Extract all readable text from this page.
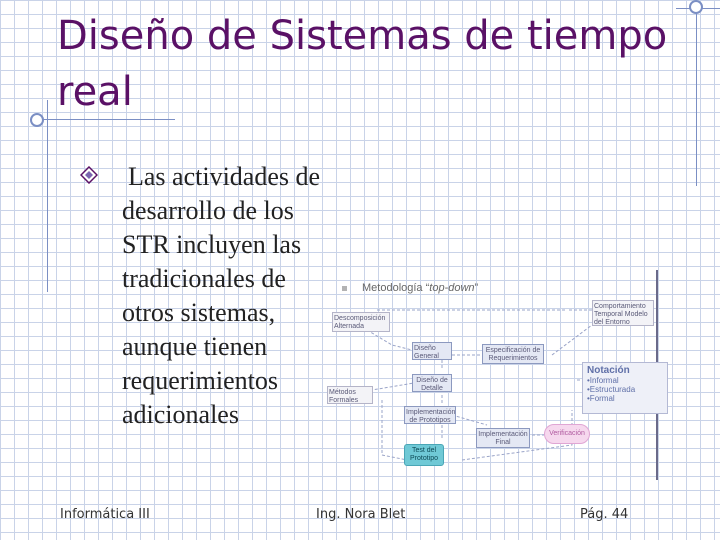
Diseño de Sistemas de tiempo real

Las actividades de
desarrollo de los
STR incluyen las
tradicionales de
otros sistemas,
aunque tienen
requerimientos
adicionales

Metodología “top-down”
Descomposición Alternada
Comportamiento Temporal Modelo del Entorno
Diseño General
Especificación de Requerimientos
Métodos Formales
Diseño de Detalle
Implementación de Prototipos
Implementación Final
Verificación
Test del Prototipo
Notación
•Informal
•Estructurada
•Formal
Informática III	Ing. Nora Blet	Pág. 44
